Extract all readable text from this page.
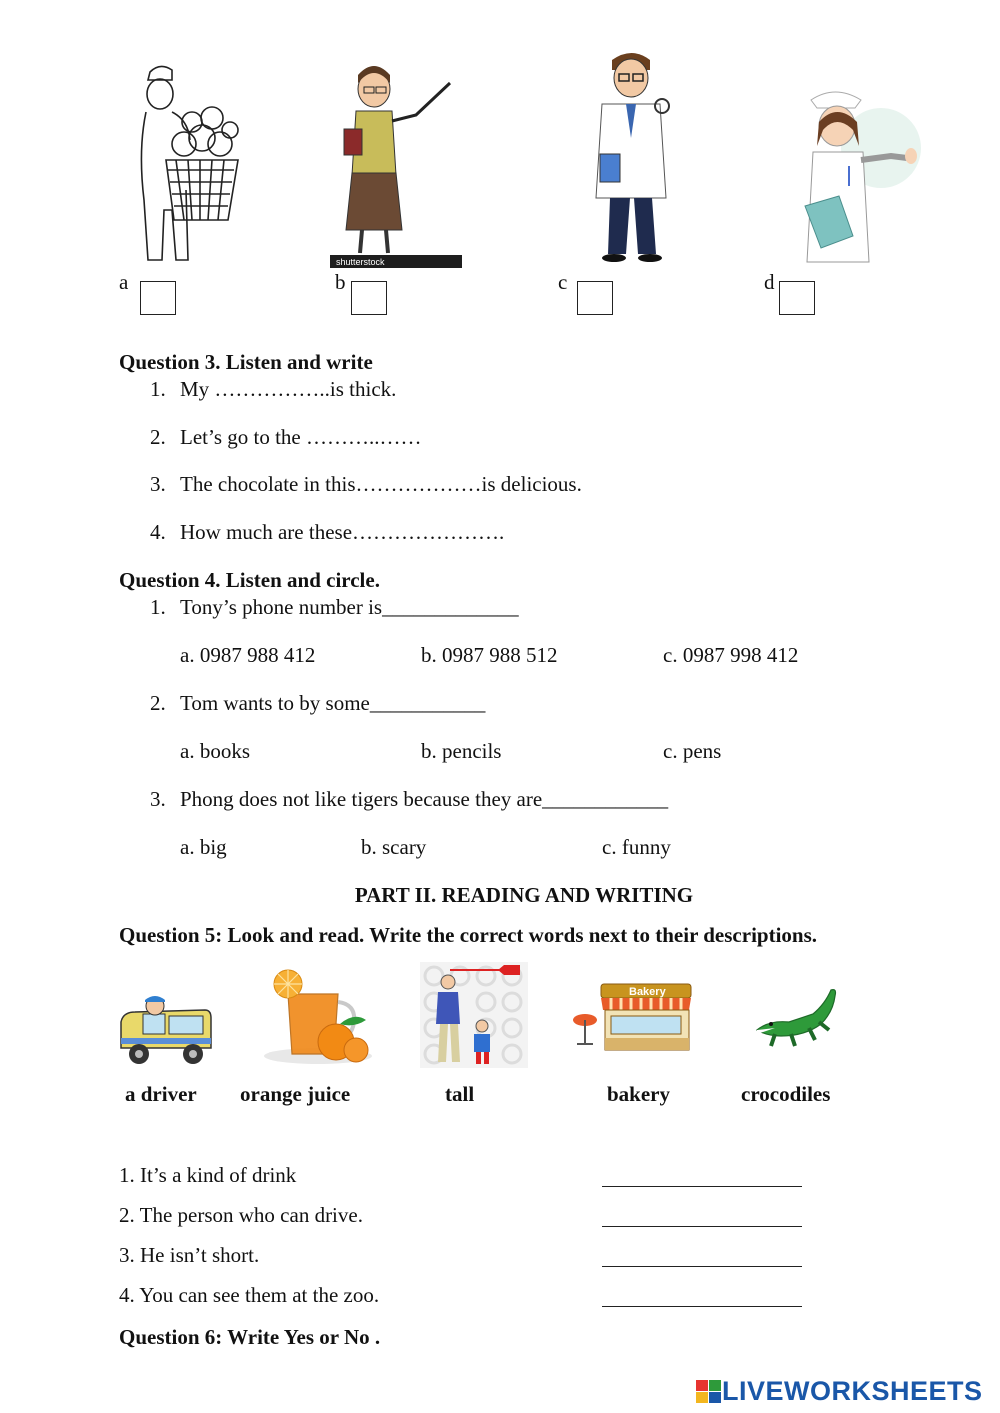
shutterstock
a	b	c	d
Question 3. Listen and write
1. My ……………..is thick.
2. Let’s go to the ………..……
3. The chocolate in this………………is delicious.
4. How much are these………………….
Question 4. Listen and circle.
1. Tony’s phone number is_____________
a. 0987 988 412	b. 0987 988 512	c. 0987 998 412
2. Tom wants to by some___________
a. books	b. pencils	c. pens
3. Phong does not like tigers because they are____________
a. big	b. scary	c. funny
PART II. READING AND WRITING
Question 5: Look and read. Write the correct words next to their descriptions.
Bakery
a driver orange juice	tall	bakery	crocodiles
1. It’s a kind of drink
2. The person who can drive.
3. He isn’t short.
4. You can see them at the zoo.
Question 6: Write Yes or No .
LIVEWORKSHEETS
